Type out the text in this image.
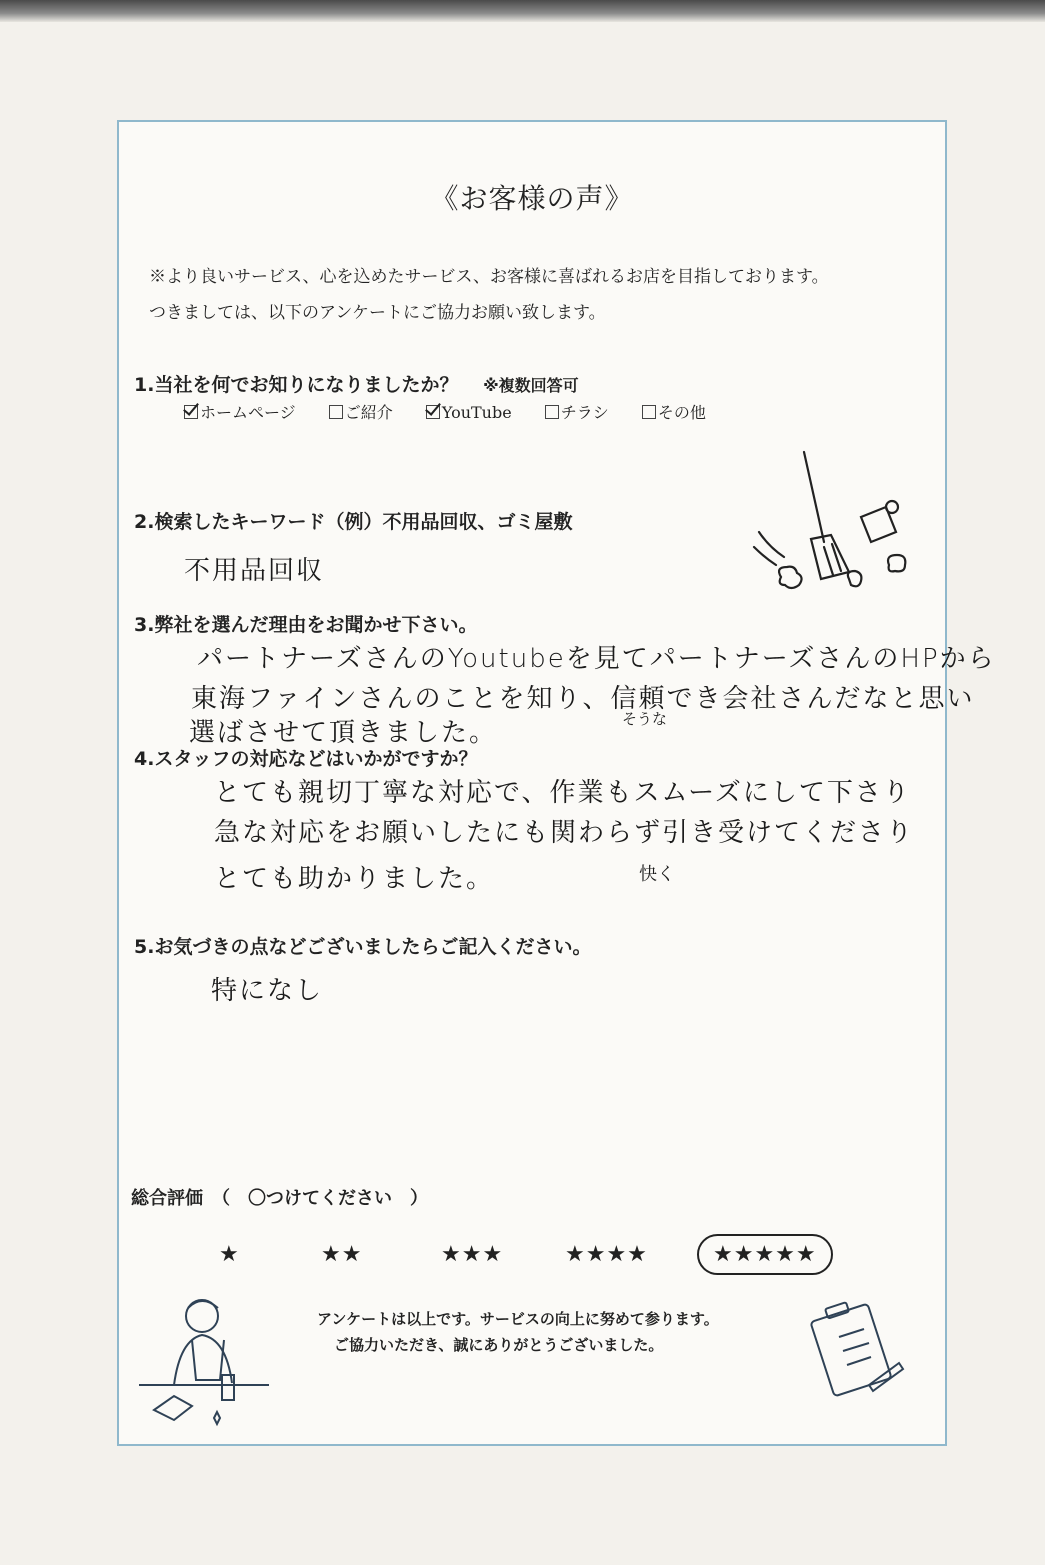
《お客様の声》
※より良いサービス、心を込めたサービス、お客様に喜ばれるお店を目指しております。
つきましては、以下のアンケートにご協力お願い致します。
1.当社を何でお知りになりましたか？ ※複数回答可
ホームページ	ご紹介	YouTube	チラシ	その他
2.検索したキーワード（例）不用品回収、ゴミ屋敷
不用品回収
3.弊社を選んだ理由をお聞かせ下さい。
パートナーズさんのYoutubeを見てパートナーズさんのHPから
東海ファインさんのことを知り、信頼でき会社さんだなと思い
そうな
選ばさせて頂きました。
4.スタッフの対応などはいかがですか？
とても親切丁寧な対応で、作業もスムーズにして下さり
急な対応をお願いしたにも関わらず引き受けてくださり
快く
とても助かりました。
5.お気づきの点などございましたらご記入ください。
特になし
総合評価　（　〇つけてください　）
★	★★	★★★	★★★★	★★★★★
アンケートは以上です。サービスの向上に努めて参ります。
ご協力いただき、誠にありがとうございました。
